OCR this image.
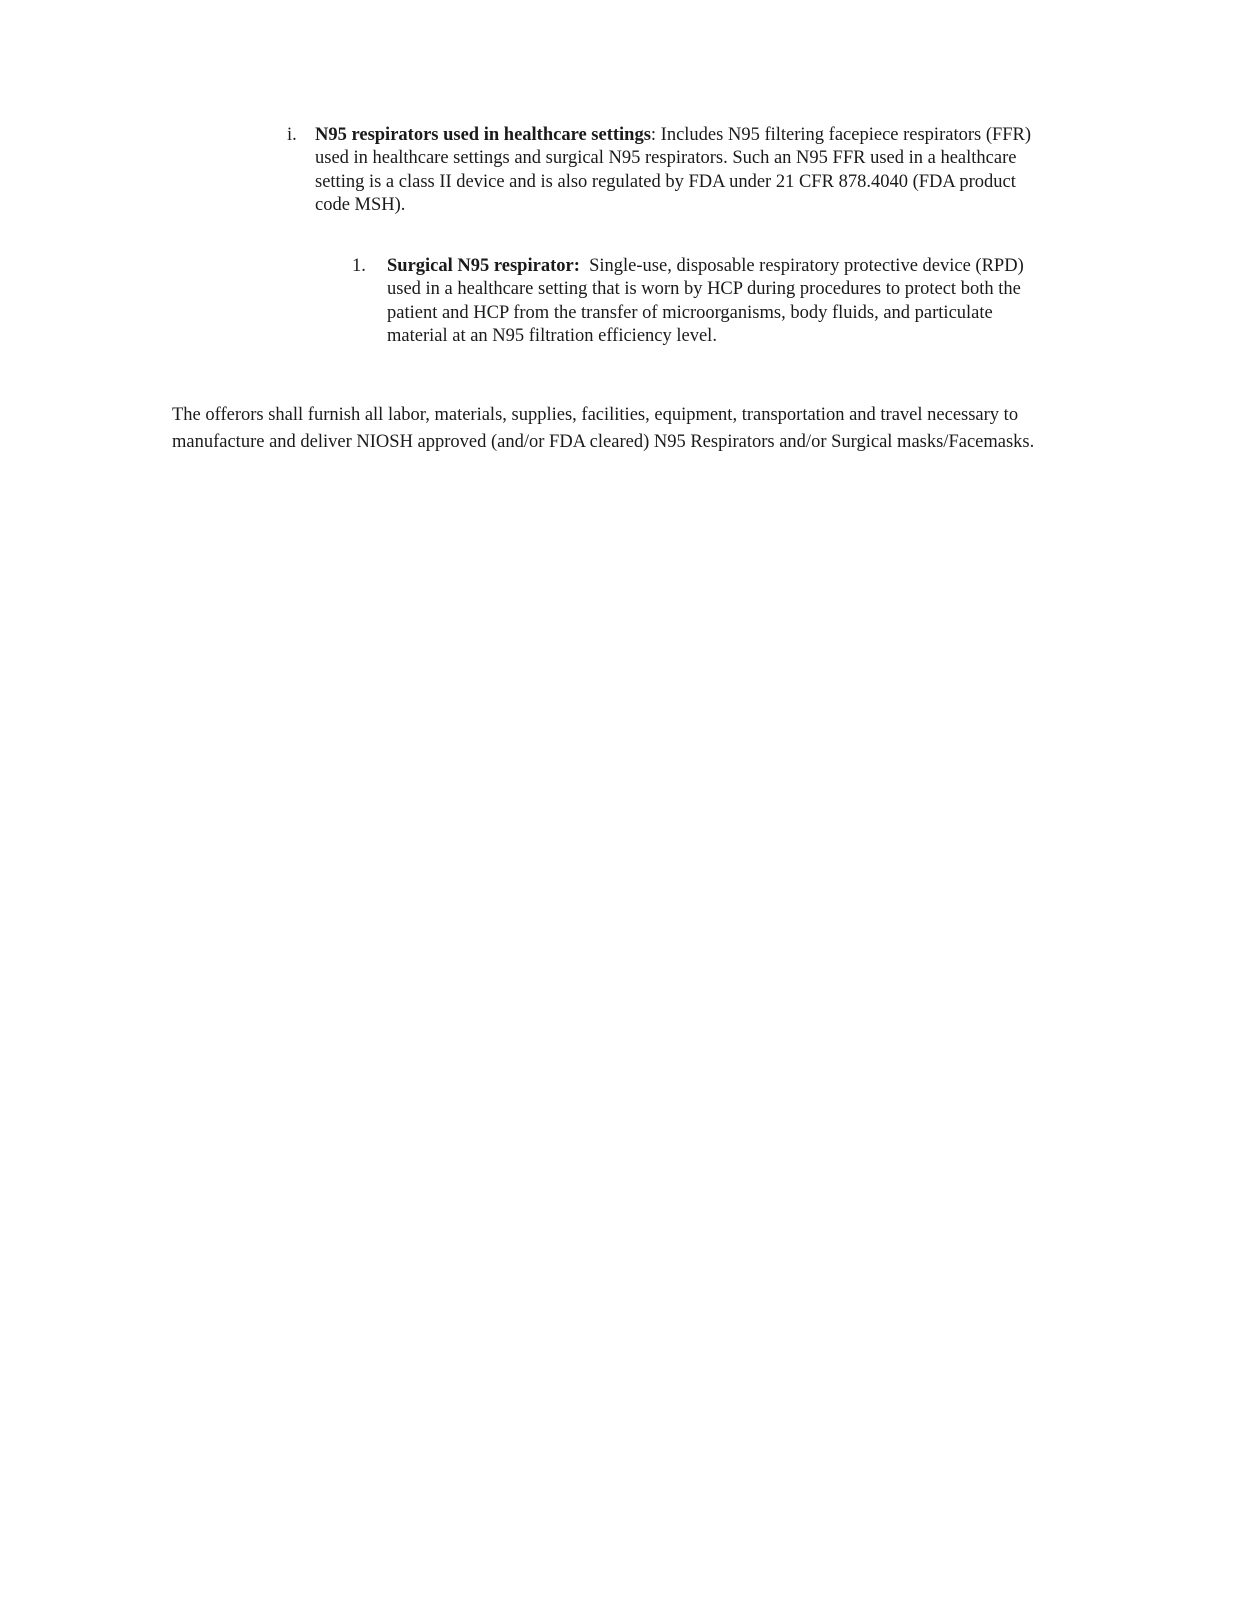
i. N95 respirators used in healthcare settings: Includes N95 filtering facepiece respirators (FFR)
used in healthcare settings and surgical N95 respirators. Such an N95 FFR used in a healthcare
setting is a class II device and is also regulated by FDA under 21 CFR 878.4040 (FDA product
code MSH).
1. Surgical N95 respirator:  Single-use, disposable respiratory protective device (RPD)
used in a healthcare setting that is worn by HCP during procedures to protect both the
patient and HCP from the transfer of microorganisms, body fluids, and particulate
material at an N95 filtration efficiency level.
The offerors shall furnish all labor, materials, supplies, facilities, equipment, transportation and travel necessary to
manufacture and deliver NIOSH approved (and/or FDA cleared) N95 Respirators and/or Surgical masks/Facemasks.
